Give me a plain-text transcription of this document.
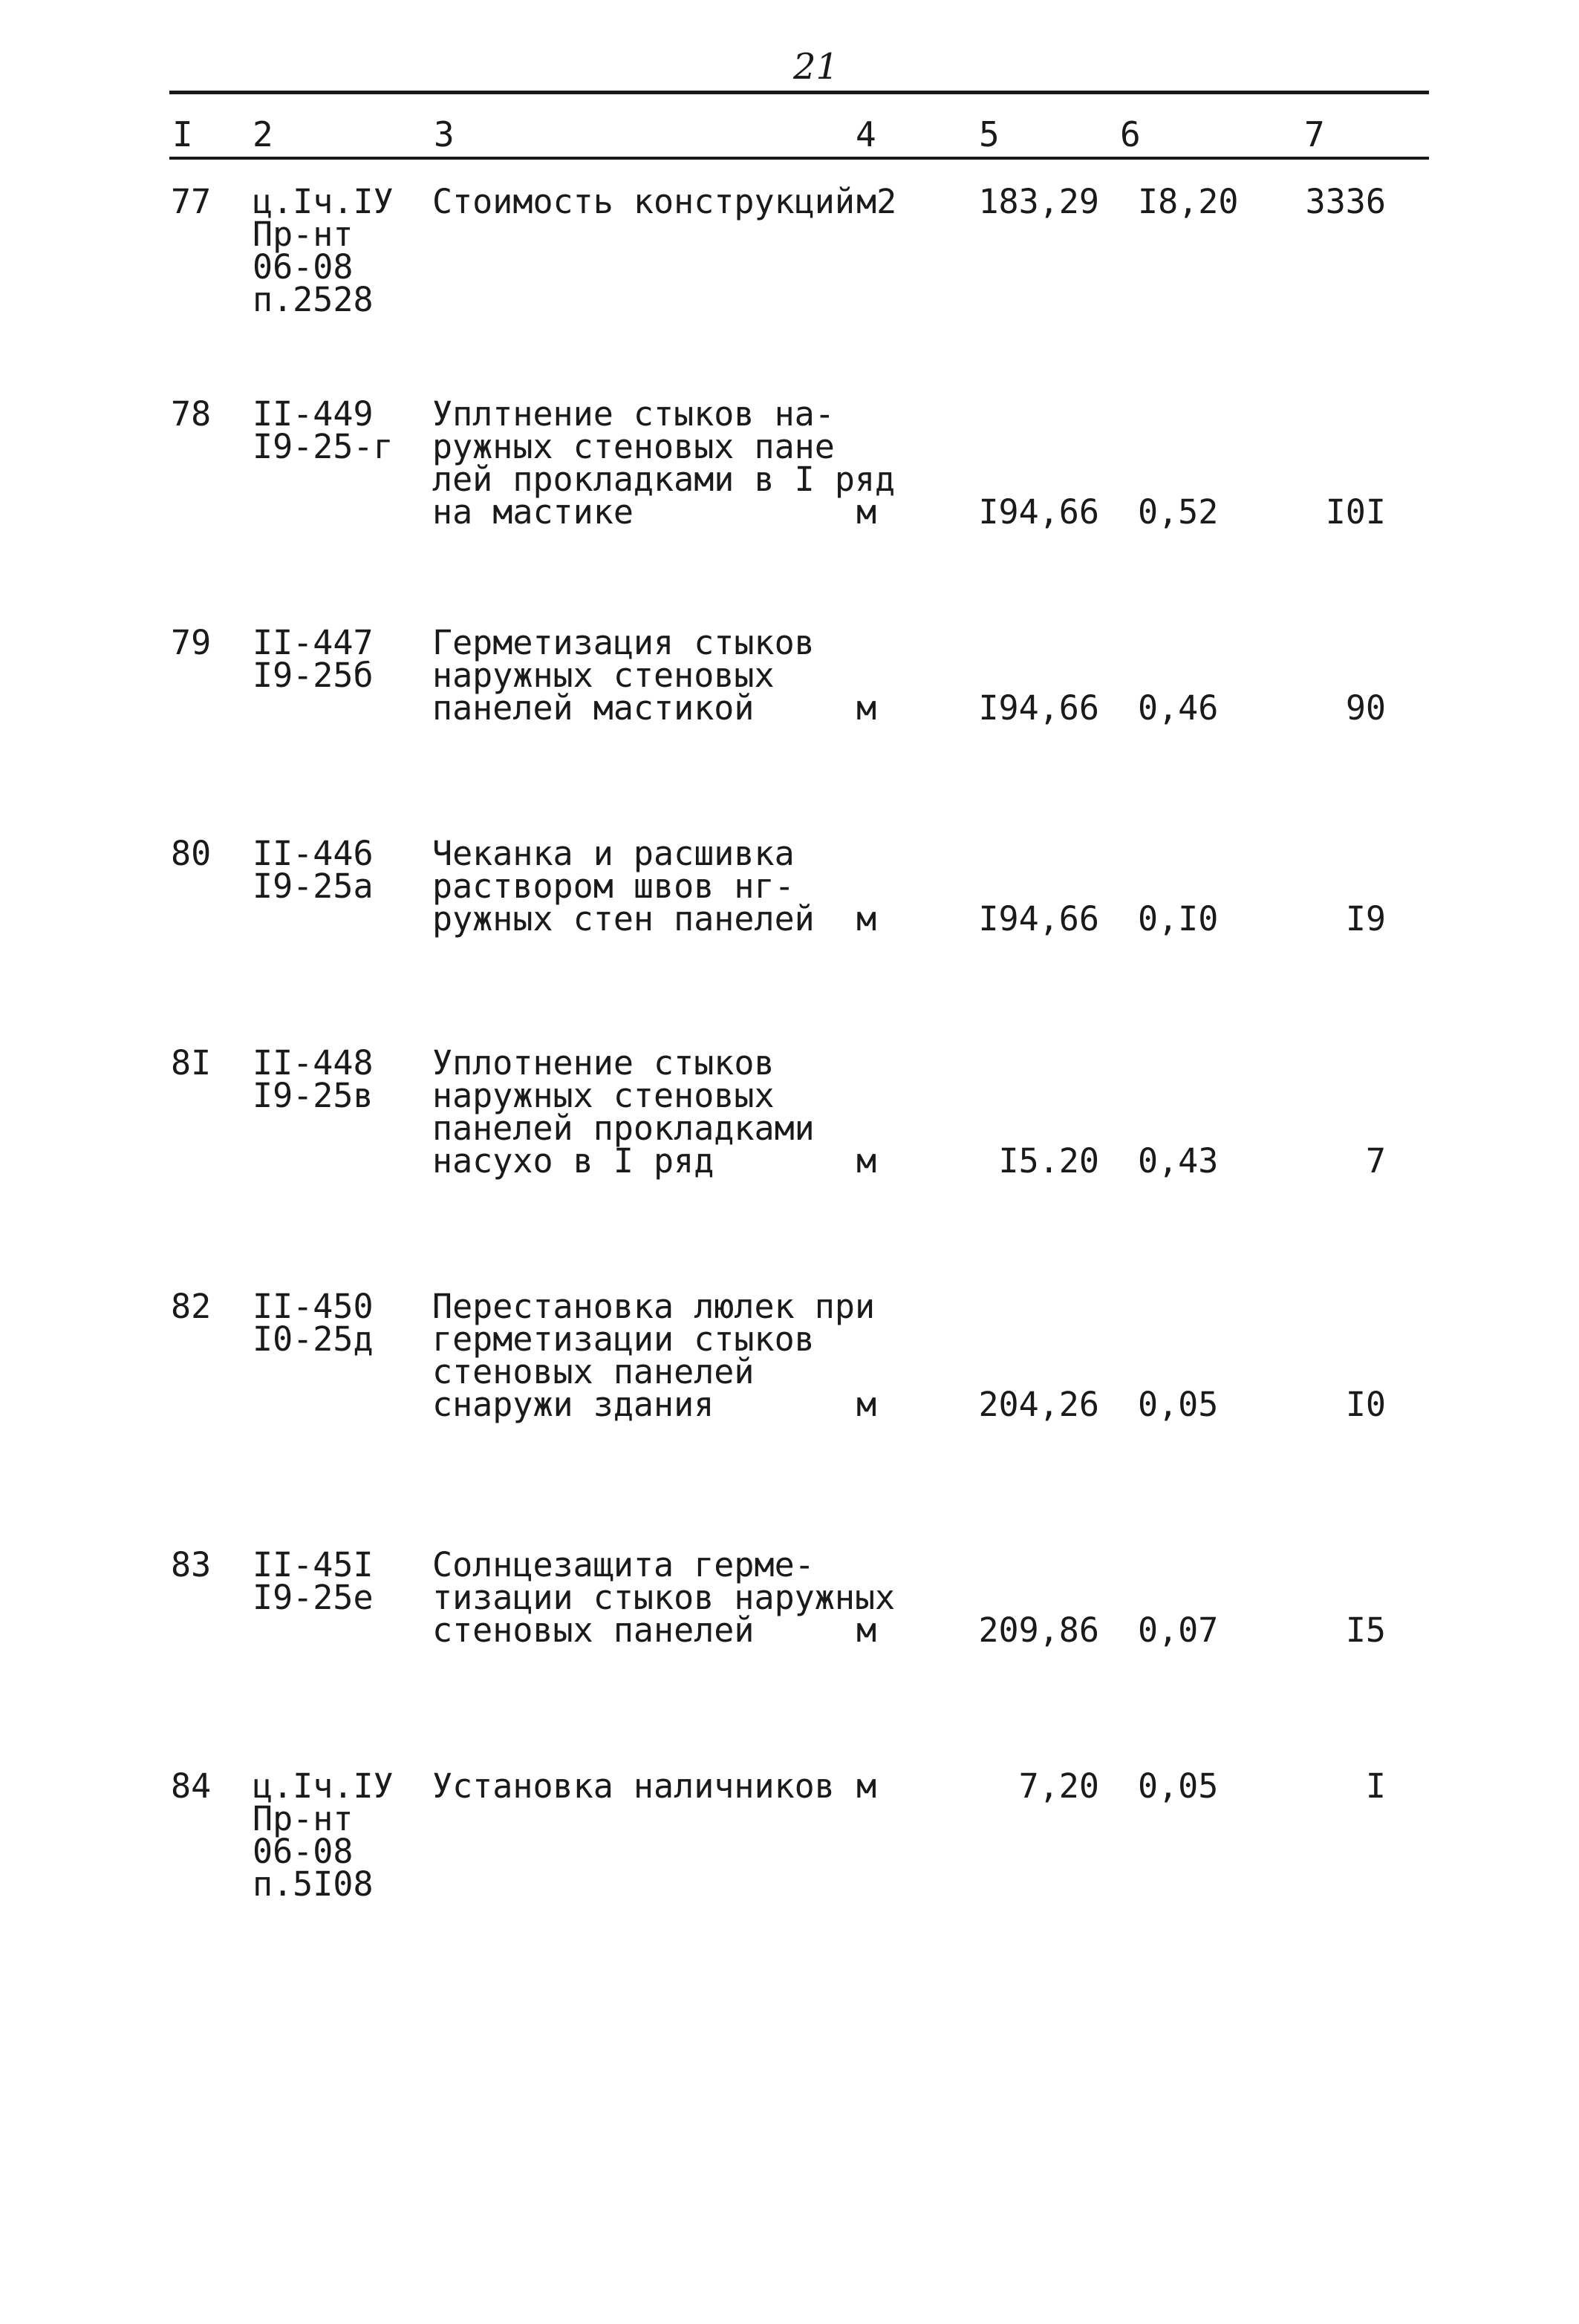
21
I 2	3	4	5	6	7
77 ц.Iч.IУ
Пр-нт
06-08
п.2528
Стоимость конструкций м2	183,29 I8,20	3336
78 II-449
I9-25-г
Уплтнение стыков на-
ружных стеновых пане
лей прокладками в I ряд
на мастике	м	I94,66 0,52	I0I
79 II-447
I9-25б
Герметизация стыков
наружных стеновых
панелей мастикой	м	I94,66 0,46	90
80 II-446
I9-25а
Чеканка и расшивка
раствором швов нг-
ружных стен панелей м	I94,66 0,I0	I9
8I II-448
I9-25в
Уплотнение стыков
наружных стеновых
панелей прокладками
насухо в I ряд	м	I5.20 0,43	7
82 II-450
I0-25д
Перестановка люлек при
герметизации стыков
стеновых панелей
снаружи здания	м	204,26 0,05	I0
83 II-45I
I9-25е
Солнцезащита герме-
тизации стыков наружных
стеновых панелей	м	209,86 0,07	I5
84 ц.Iч.IУ
Пр-нт
06-08
п.5I08
Установка наличников м	7,20 0,05	I
